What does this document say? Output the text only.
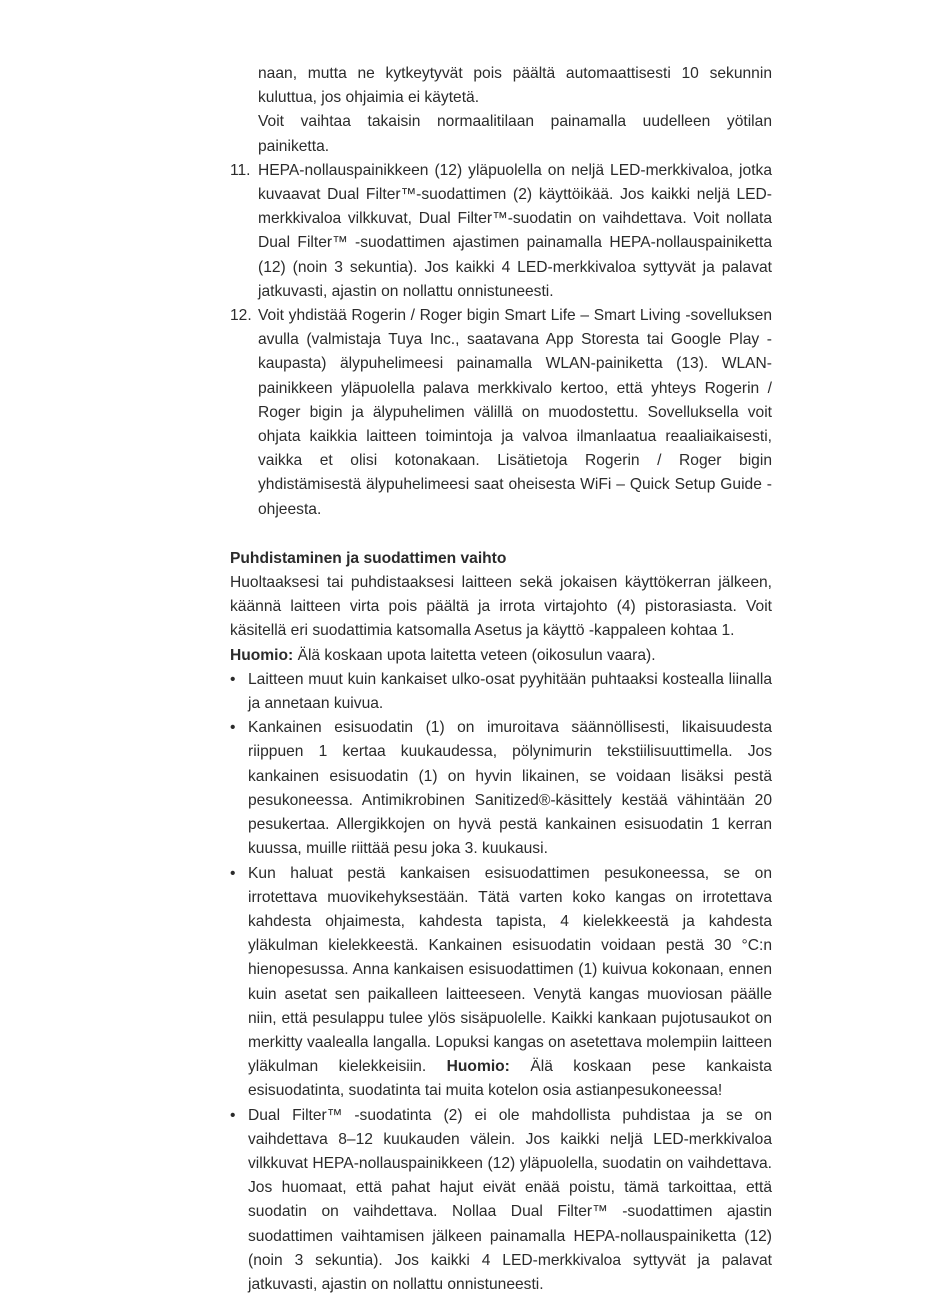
naan, mutta ne kytkeytyvät pois päältä automaattisesti 10 sekunnin kuluttua, jos ohjaimia ei käytetä.

Voit vaihtaa takaisin normaalitilaan painamalla uudelleen yötilan painiketta.

11. HEPA-nollauspainikkeen (12) yläpuolella on neljä LED-merkkivaloa, jotka kuvaavat Dual Filter™-suodattimen (2) käyttöikää. Jos kaikki neljä LED-merkkivaloa vilkkuvat, Dual Filter™-suodatin on vaihdettava. Voit nollata Dual Filter™ -suodattimen ajastimen painamalla HEPA-nollauspainiketta (12) (noin 3 sekuntia). Jos kaikki 4 LED-merkkivaloa syttyvät ja palavat jatkuvasti, ajastin on nollattu onnistuneesti.

12. Voit yhdistää Rogerin / Roger bigin Smart Life – Smart Living -sovelluksen avulla (valmistaja Tuya Inc., saatavana App Storesta tai Google Play -kaupasta) älypuhelimeesi painamalla WLAN-painiketta (13). WLAN-painikkeen yläpuolella palava merkkivalo kertoo, että yhteys Rogerin / Roger bigin ja älypuhelimen välillä on muodostettu. Sovelluksella voit ohjata kaikkia laitteen toimintoja ja valvoa ilmanlaatua reaaliaikaisesti, vaikka et olisi kotonakaan. Lisätietoja Rogerin / Roger bigin yhdistämisestä älypuhelimeesi saat oheisesta WiFi – Quick Setup Guide -ohjeesta.

Puhdistaminen ja suodattimen vaihto

Huoltaaksesi tai puhdistaaksesi laitteen sekä jokaisen käyttökerran jälkeen, käännä laitteen virta pois päältä ja irrota virtajohto (4) pistorasiasta. Voit käsitellä eri suodattimia katsomalla Asetus ja käyttö -kappaleen kohtaa 1.

Huomio: Älä koskaan upota laitetta veteen (oikosulun vaara).

• Laitteen muut kuin kankaiset ulko-osat pyyhitään puhtaaksi kostealla liinalla ja annetaan kuivua.

• Kankainen esisuodatin (1) on imuroitava säännöllisesti, likaisuudesta riippuen 1 kertaa kuukaudessa, pölynimurin tekstiilisuuttimella. Jos kankainen esisuodatin (1) on hyvin likainen, se voidaan lisäksi pestä pesukoneessa. Antimikrobinen Sanitized®-käsittely kestää vähintään 20 pesukertaa. Allergikkojen on hyvä pestä kankainen esisuodatin 1 kerran kuussa, muille riittää pesu joka 3. kuukausi.

• Kun haluat pestä kankaisen esisuodattimen pesukoneessa, se on irrotettava muovikehyksestään. Tätä varten koko kangas on irrotettava kahdesta ohjaimesta, kahdesta tapista, 4 kielekkeestä ja kahdesta yläkulman kielekkeestä. Kankainen esisuodatin voidaan pestä 30 °C:n hienopesussa. Anna kankaisen esisuodattimen (1) kuivua kokonaan, ennen kuin asetat sen paikalleen laitteeseen. Venytä kangas muoviosan päälle niin, että pesulappu tulee ylös sisäpuolelle. Kaikki kankaan pujotusaukot on merkitty vaalealla langalla. Lopuksi kangas on asetettava molempiin laitteen yläkulman kielekkeisiin. Huomio: Älä koskaan pese kankaista esisuodatinta, suodatinta tai muita kotelon osia astianpesukoneessa!

• Dual Filter™ -suodatinta (2) ei ole mahdollista puhdistaa ja se on vaihdettava 8–12 kuukauden välein. Jos kaikki neljä LED-merkkivaloa vilkkuvat HEPA-nollauspainikkeen (12) yläpuolella, suodatin on vaihdettava. Jos huomaat, että pahat hajut eivät enää poistu, tämä tarkoittaa, että suodatin on vaihdettava. Nollaa Dual Filter™ -suodattimen ajastin suodattimen vaihtamisen jälkeen painamalla HEPA-nollauspainiketta (12) (noin 3 sekuntia). Jos kaikki 4 LED-merkkivaloa syttyvät ja palavat jatkuvasti, ajastin on nollattu onnistuneesti.
